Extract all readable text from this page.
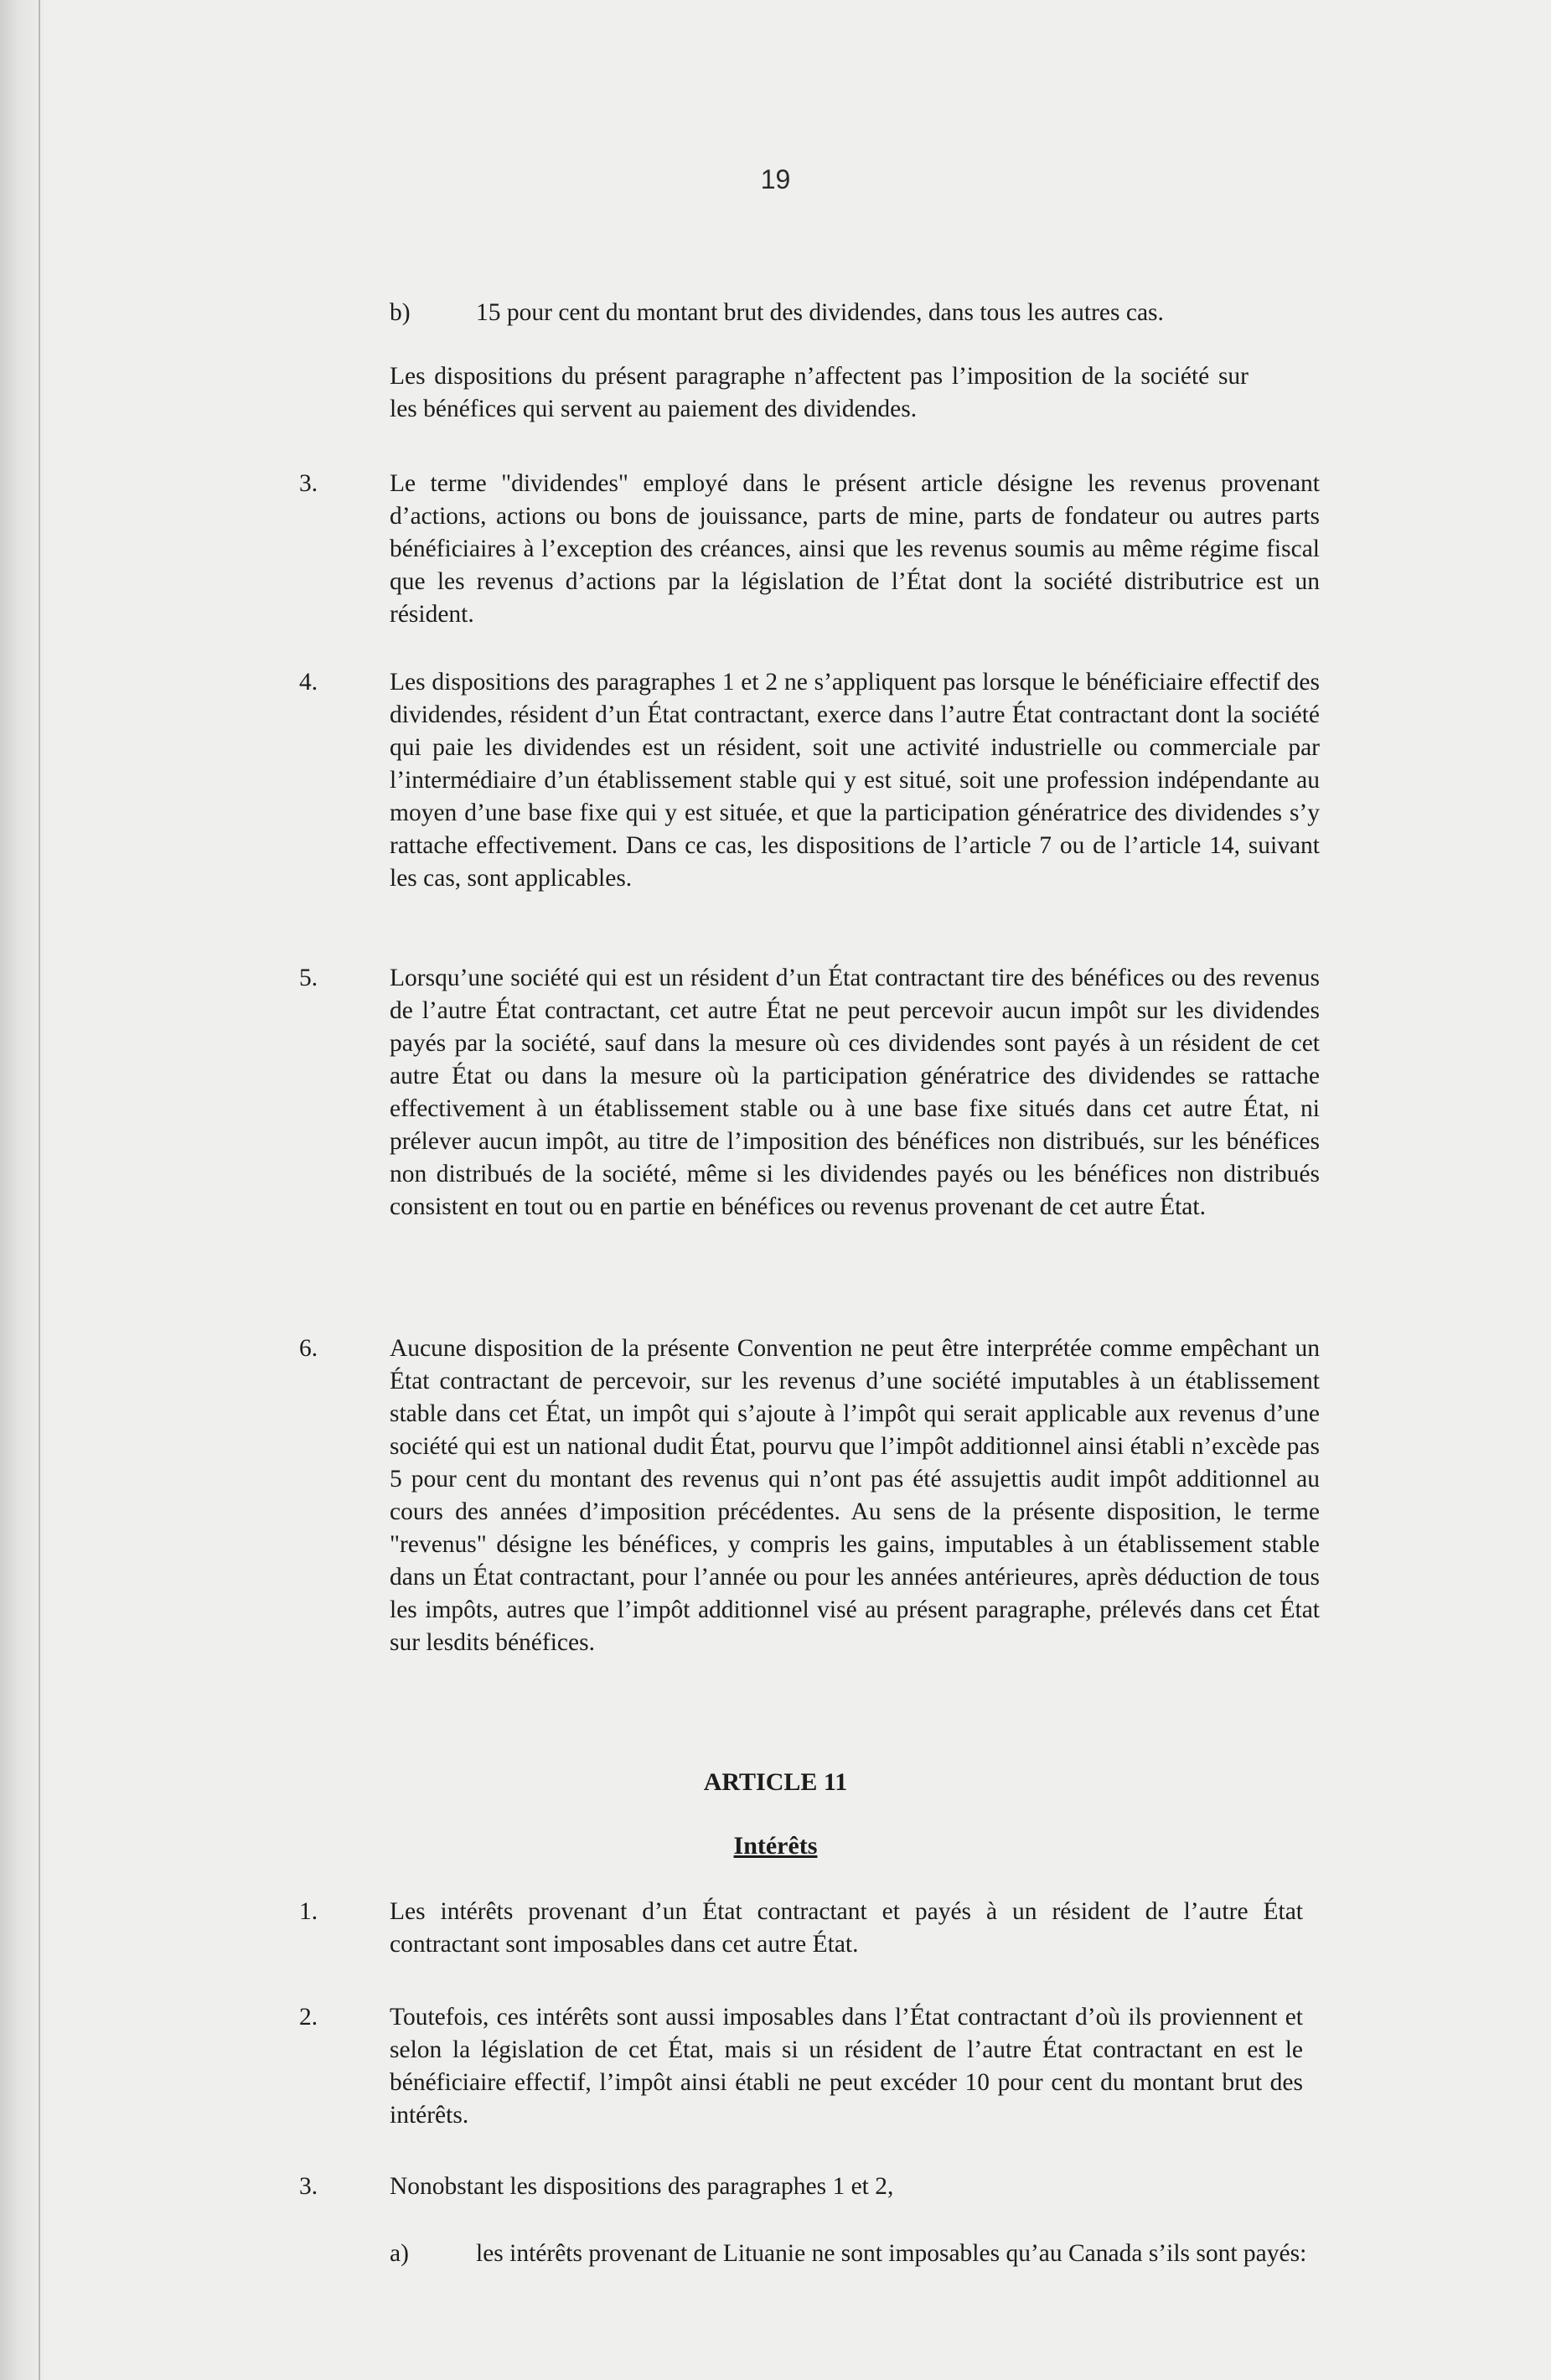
19
b)	15 pour cent du montant brut des dividendes, dans tous les autres cas.
Les dispositions du présent paragraphe n’affectent pas l’imposition de la société sur les bénéfices qui servent au paiement des dividendes.
3.	Le terme "dividendes" employé dans le présent article désigne les revenus provenant d’actions, actions ou bons de jouissance, parts de mine, parts de fondateur ou autres parts bénéficiaires à l’exception des créances, ainsi que les revenus soumis au même régime fiscal que les revenus d’actions par la législation de l’État dont la société distributrice est un résident.
4.	Les dispositions des paragraphes 1 et 2 ne s’appliquent pas lorsque le bénéficiaire effectif des dividendes, résident d’un État contractant, exerce dans l’autre État contractant dont la société qui paie les dividendes est un résident, soit une activité industrielle ou commerciale par l’intermédiaire d’un établissement stable qui y est situé, soit une profession indépendante au moyen d’une base fixe qui y est située, et que la participation génératrice des dividendes s’y rattache effectivement. Dans ce cas, les dispositions de l’article 7 ou de l’article 14, suivant les cas, sont applicables.
5.	Lorsqu’une société qui est un résident d’un État contractant tire des bénéfices ou des revenus de l’autre État contractant, cet autre État ne peut percevoir aucun impôt sur les dividendes payés par la société, sauf dans la mesure où ces dividendes sont payés à un résident de cet autre État ou dans la mesure où la participation génératrice des dividendes se rattache effectivement à un établissement stable ou à une base fixe situés dans cet autre État, ni prélever aucun impôt, au titre de l’imposition des bénéfices non distribués, sur les bénéfices non distribués de la société, même si les dividendes payés ou les bénéfices non distribués consistent en tout ou en partie en bénéfices ou revenus provenant de cet autre État.
6.	Aucune disposition de la présente Convention ne peut être interprétée comme empêchant un État contractant de percevoir, sur les revenus d’une société imputables à un établissement stable dans cet État, un impôt qui s’ajoute à l’impôt qui serait applicable aux revenus d’une société qui est un national dudit État, pourvu que l’impôt additionnel ainsi établi n’excède pas 5 pour cent du montant des revenus qui n’ont pas été assujettis audit impôt additionnel au cours des années d’imposition précédentes. Au sens de la présente disposition, le terme "revenus" désigne les bénéfices, y compris les gains, imputables à un établissement stable dans un État contractant, pour l’année ou pour les années antérieures, après déduction de tous les impôts, autres que l’impôt additionnel visé au présent paragraphe, prélevés dans cet État sur lesdits bénéfices.
ARTICLE 11
Intérêts
1.	Les intérêts provenant d’un État contractant et payés à un résident de l’autre État contractant sont imposables dans cet autre État.
2.	Toutefois, ces intérêts sont aussi imposables dans l’État contractant d’où ils proviennent et selon la législation de cet État, mais si un résident de l’autre État contractant en est le bénéficiaire effectif, l’impôt ainsi établi ne peut excéder 10 pour cent du montant brut des intérêts.
3.	Nonobstant les dispositions des paragraphes 1 et 2,
a)	les intérêts provenant de Lituanie ne sont imposables qu’au Canada s’ils sont payés:
